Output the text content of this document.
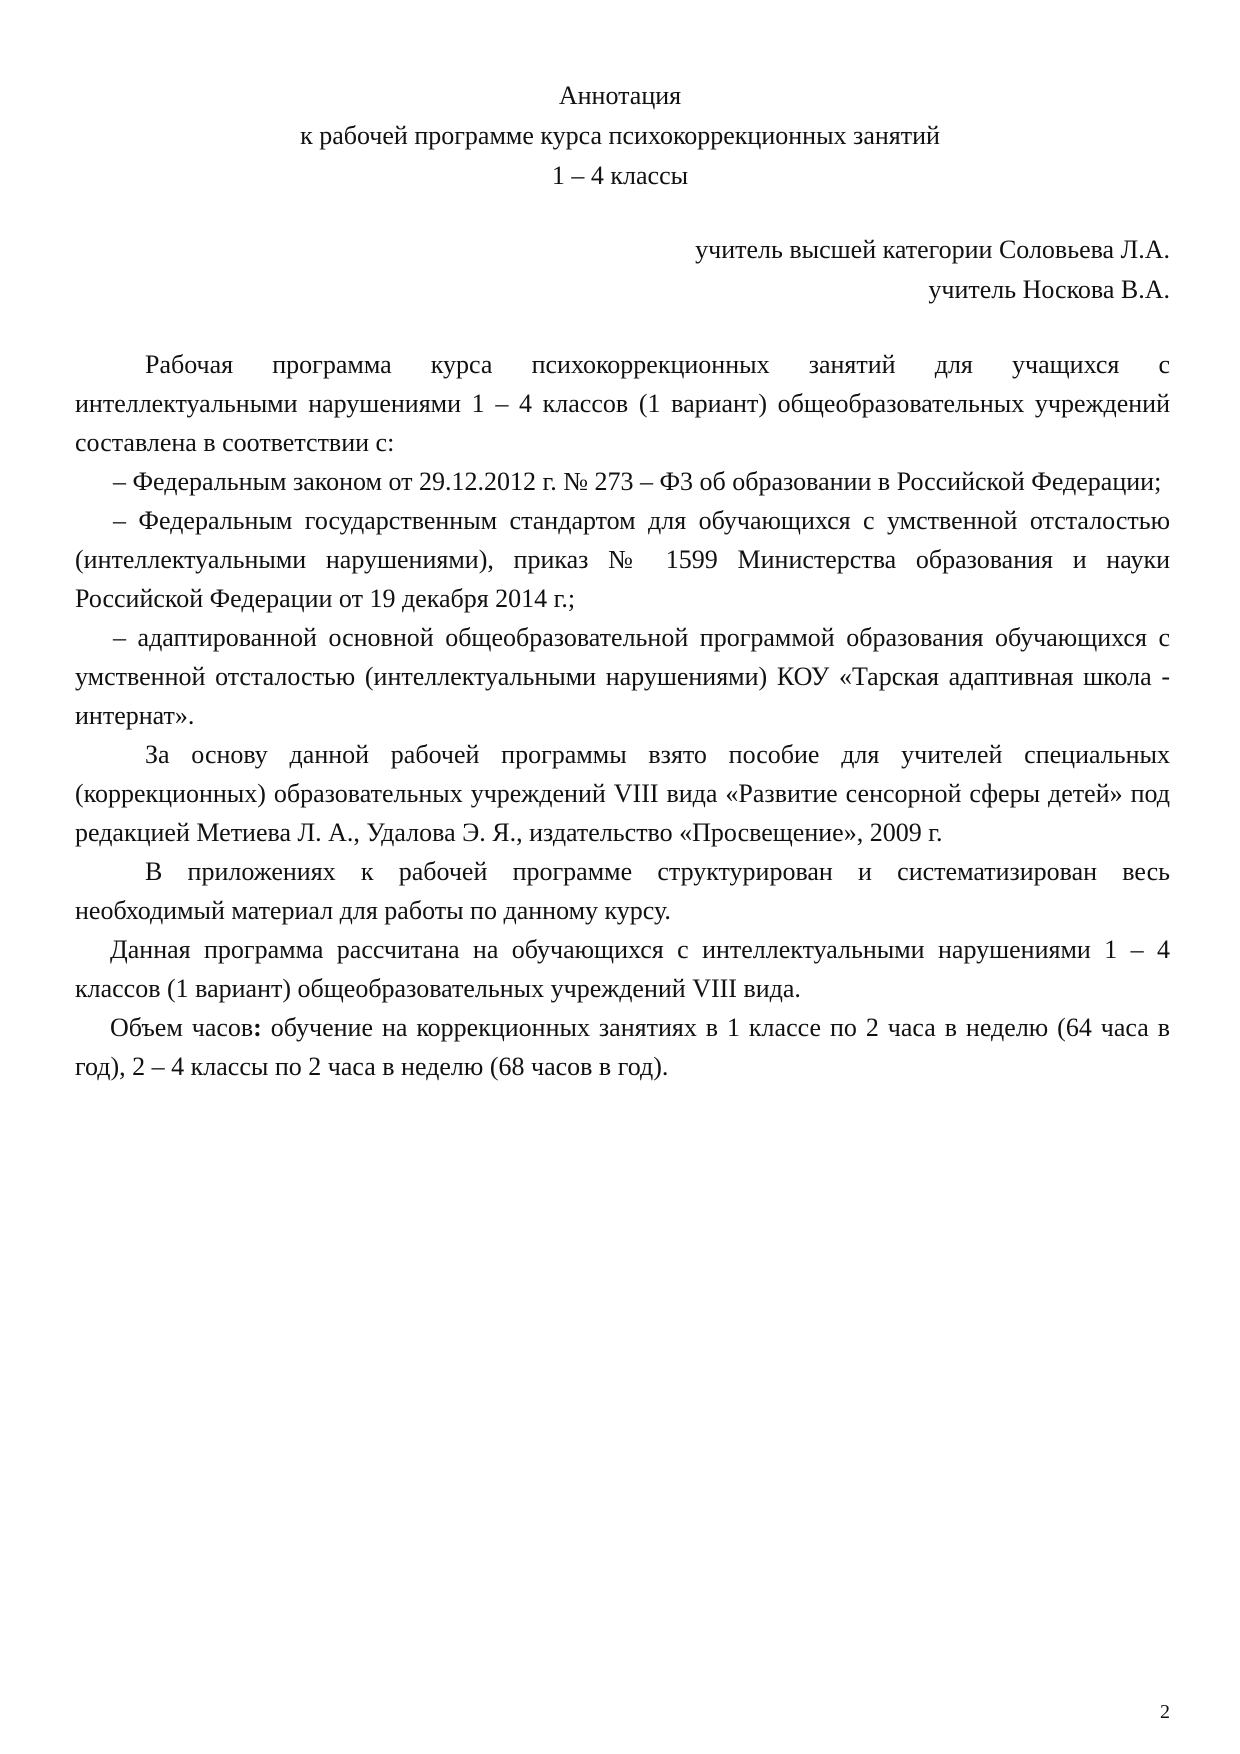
Аннотация
к рабочей программе курса психокоррекционных занятий
1 – 4 классы
учитель высшей категории Соловьева Л.А.
учитель Носкова В.А.

Рабочая программа курса психокоррекционных занятий для учащихся с интеллектуальными нарушениями 1 – 4 классов (1 вариант) общеобразовательных учреждений составлена в соответствии с:

– Федеральным законом от 29.12.2012 г. № 273 – Ф3 об образовании в Российской Федерации;

– Федеральным государственным стандартом для обучающихся с умственной отсталостью (интеллектуальными нарушениями), приказ № 1599 Министерства образования и науки Российской Федерации от 19 декабря 2014 г.;

– адаптированной основной общеобразовательной программой образования обучающихся с умственной отсталостью (интеллектуальными нарушениями) КОУ «Тарская адаптивная школа - интернат».

За основу данной рабочей программы взято пособие для учителей специальных (коррекционных) образовательных учреждений VIII вида «Развитие сенсорной сферы детей» под редакцией Метиева Л. А., Удалова Э. Я., издательство «Просвещение», 2009 г.

В приложениях к рабочей программе структурирован и систематизирован весь необходимый материал для работы по данному курсу.

Данная программа рассчитана на обучающихся с интеллектуальными нарушениями 1 – 4 классов (1 вариант) общеобразовательных учреждений VIII вида.

Объем часов: обучение на коррекционных занятиях в 1 классе по 2 часа в неделю (64 часа в год), 2 – 4 классы по 2 часа в неделю (68 часов в год).

2
